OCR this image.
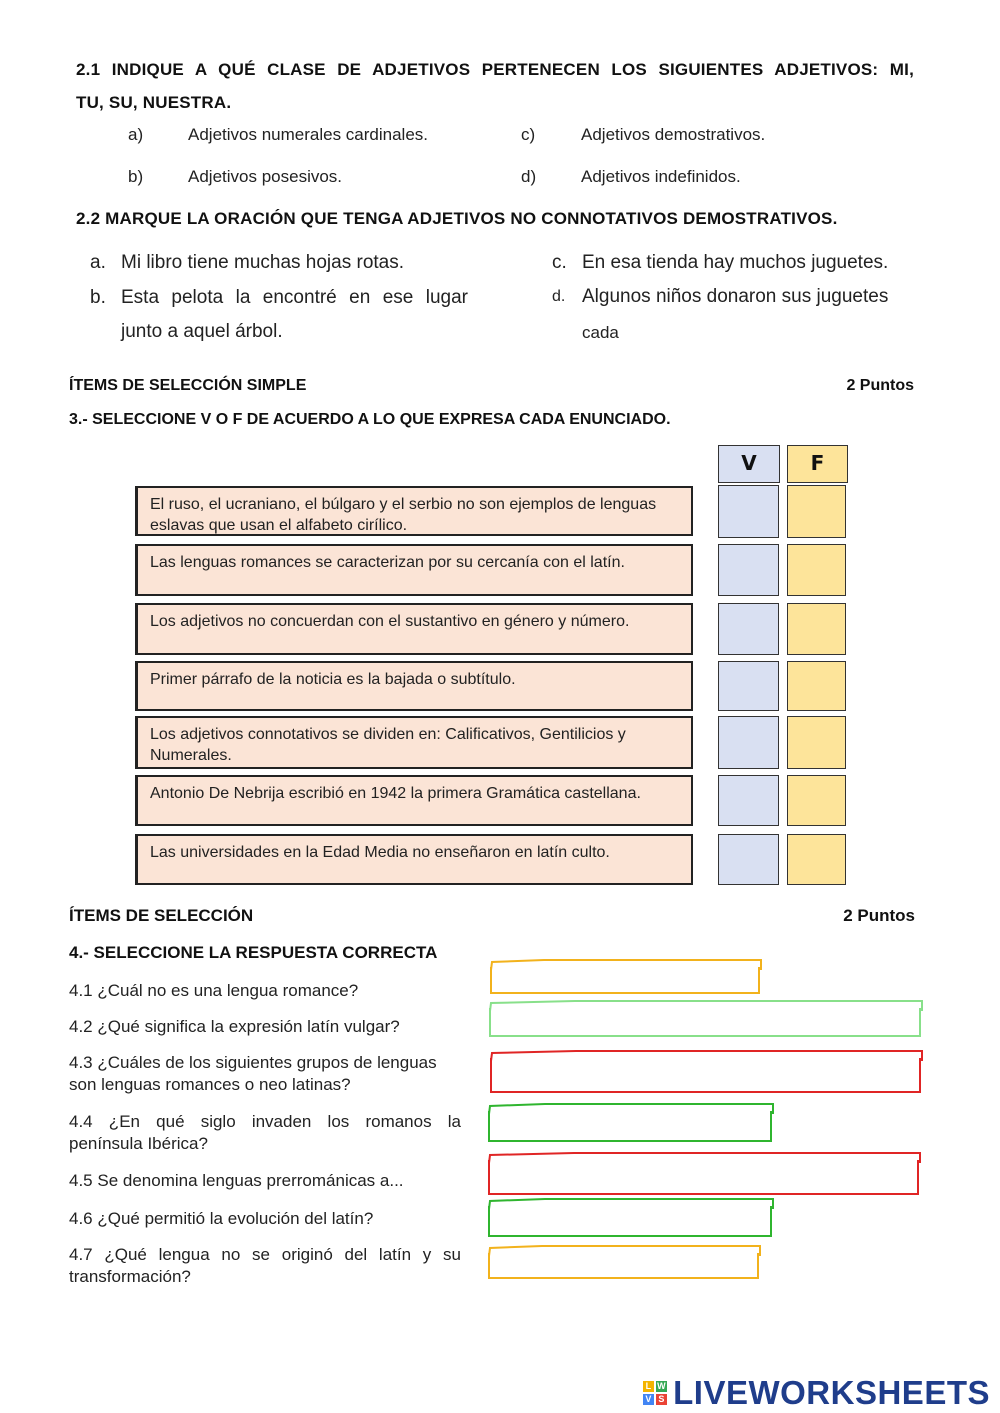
2.1 INDIQUE A QUÉ CLASE DE ADJETIVOS PERTENECEN LOS SIGUIENTES ADJETIVOS: MI,
TU, SU, NUESTRA.
a)	Adjetivos numerales cardinales.
b)	Adjetivos posesivos.
c)	Adjetivos demostrativos.
d)	Adjetivos indefinidos.
2.2 MARQUE LA ORACIÓN QUE TENGA ADJETIVOS NO CONNOTATIVOS DEMOSTRATIVOS.
a. Mi libro tiene muchas hojas rotas.
b. Esta pelota la encontré en ese lugar
junto a aquel árbol.
c. En esa tienda hay muchos juguetes.
d. Algunos niños donaron sus juguetes
cada
ÍTEMS DE SELECCIÓN SIMPLE	2 Puntos
3.- SELECCIONE V O F DE ACUERDO A LO QUE EXPRESA CADA ENUNCIADO.
V	F
El ruso, el ucraniano, el búlgaro y el serbio no son ejemplos de lenguas eslavas que usan el alfabeto cirílico.
Las lenguas romances se caracterizan por su cercanía con el latín.
Los adjetivos no concuerdan con el sustantivo en género y número.
Primer párrafo de la noticia es la bajada o subtítulo.
Los adjetivos connotativos se dividen en: Calificativos, Gentilicios y Numerales.
Antonio De Nebrija escribió en 1942 la primera Gramática castellana.
Las universidades en la Edad Media no enseñaron en latín culto.
ÍTEMS DE SELECCIÓN	2 Puntos
4.- SELECCIONE LA RESPUESTA CORRECTA
4.1 ¿Cuál no es una lengua romance?
4.2 ¿Qué significa la expresión latín vulgar?
4.3 ¿Cuáles de los siguientes grupos de lenguas
son lenguas romances o neo latinas?
4.4 ¿En qué siglo invaden los romanos la
península Ibérica?
4.5 Se denomina lenguas prerrománicas a...
4.6 ¿Qué permitió la evolución del latín?
4.7 ¿Qué lengua no se originó del latín y su
transformación?
L W
V S LIVEWORKSHEETS
